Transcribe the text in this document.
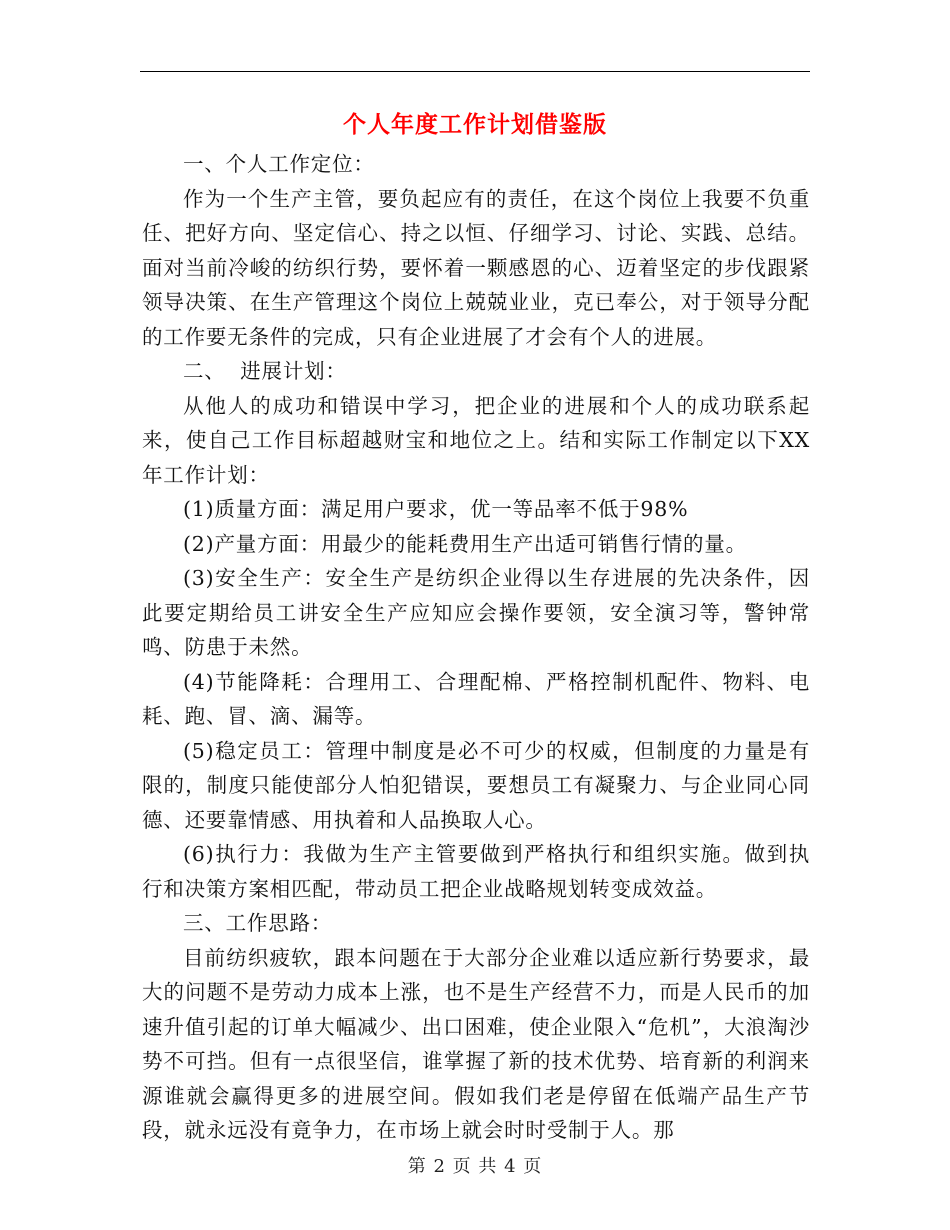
个人年度工作计划借鉴版

一、个人工作定位：

作为一个生产主管，要负起应有的责任，在这个岗位上我要不负重任、把好方向、坚定信心、持之以恒、仔细学习、讨论、实践、总结。面对当前冷峻的纺织行势，要怀着一颗感恩的心、迈着坚定的步伐跟紧领导决策、在生产管理这个岗位上兢兢业业，克已奉公，对于领导分配的工作要无条件的完成，只有企业进展了才会有个人的进展。

二、  进展计划：

从他人的成功和错误中学习，把企业的进展和个人的成功联系起来，使自己工作目标超越财宝和地位之上。结和实际工作制定以下XX年工作计划：

(1)质量方面：满足用户要求，优一等品率不低于98%

(2)产量方面：用最少的能耗费用生产出适可销售行情的量。

(3)安全生产：安全生产是纺织企业得以生存进展的先决条件，因此要定期给员工讲安全生产应知应会操作要领，安全演习等，警钟常鸣、防患于未然。

(4)节能降耗：合理用工、合理配棉、严格控制机配件、物料、电耗、跑、冒、滴、漏等。

(5)稳定员工：管理中制度是必不可少的权威，但制度的力量是有限的，制度只能使部分人怕犯错误，要想员工有凝聚力、与企业同心同德、还要靠情感、用执着和人品换取人心。

(6)执行力：我做为生产主管要做到严格执行和组织实施。做到执行和决策方案相匹配，带动员工把企业战略规划转变成效益。

三、工作思路：

目前纺织疲软，跟本问题在于大部分企业难以适应新行势要求，最大的问题不是劳动力成本上涨，也不是生产经营不力，而是人民币的加速升值引起的订单大幅减少、出口困难，使企业限入“危机”，大浪淘沙势不可挡。但有一点很坚信，谁掌握了新的技术优势、培育新的利润来源谁就会赢得更多的进展空间。假如我们老是停留在低端产品生产节段，就永远没有竟争力，在市场上就会时时受制于人。那

第 2 页 共 4 页
